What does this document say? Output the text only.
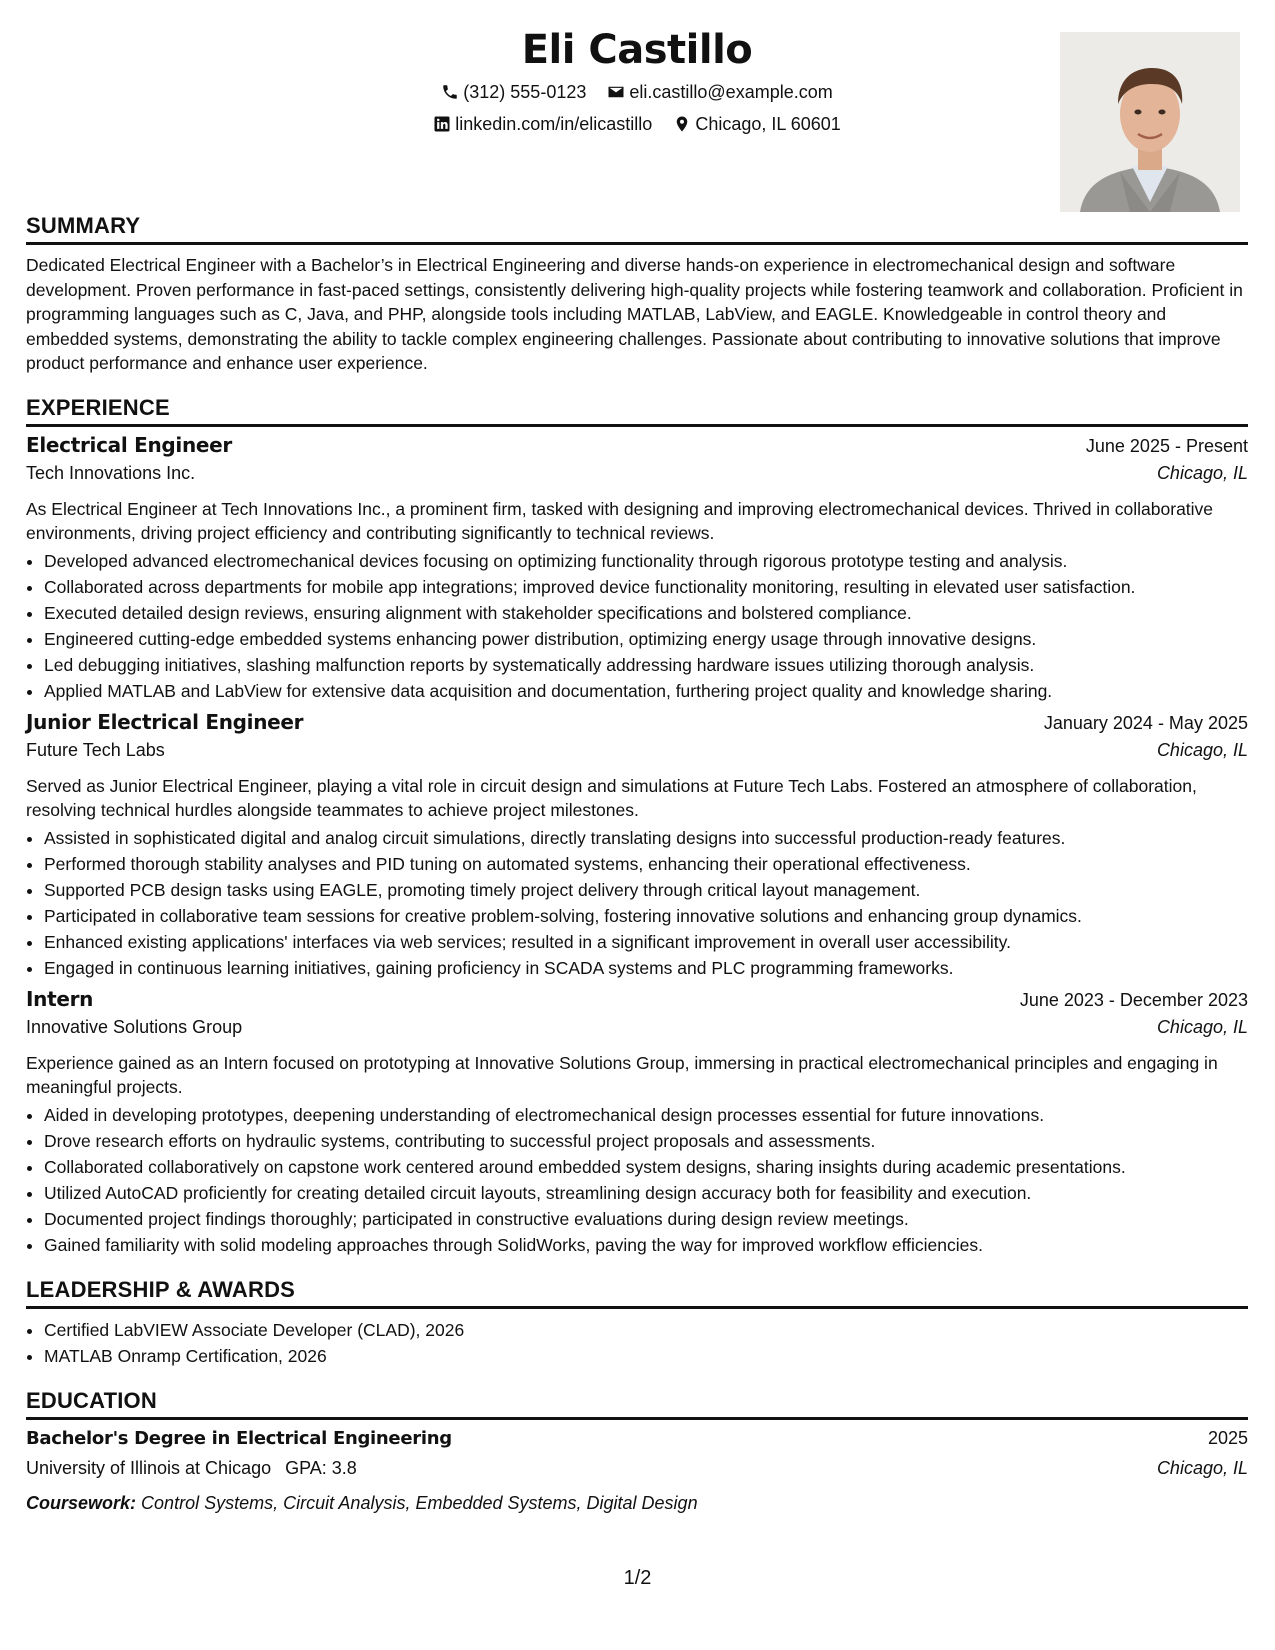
Eli Castillo
(312) 555-0123
eli.castillo@example.com
linkedin.com/in/elicastillo
Chicago, IL 60601
SUMMARY
Dedicated Electrical Engineer with a Bachelor’s in Electrical Engineering and diverse hands-on experience in electromechanical design and software development. Proven performance in fast-paced settings, consistently delivering high-quality projects while fostering teamwork and collaboration. Proficient in programming languages such as C, Java, and PHP, alongside tools including MATLAB, LabView, and EAGLE. Knowledgeable in control theory and embedded systems, demonstrating the ability to tackle complex engineering challenges. Passionate about contributing to innovative solutions that improve product performance and enhance user experience.
EXPERIENCE
Electrical Engineer	June 2025 - Present
Tech Innovations Inc.	Chicago, IL
As Electrical Engineer at Tech Innovations Inc., a prominent firm, tasked with designing and improving electromechanical devices. Thrived in collaborative environments, driving project efficiency and contributing significantly to technical reviews.
• Developed advanced electromechanical devices focusing on optimizing functionality through rigorous prototype testing and analysis.
• Collaborated across departments for mobile app integrations; improved device functionality monitoring, resulting in elevated user satisfaction.
• Executed detailed design reviews, ensuring alignment with stakeholder specifications and bolstered compliance.
• Engineered cutting-edge embedded systems enhancing power distribution, optimizing energy usage through innovative designs.
• Led debugging initiatives, slashing malfunction reports by systematically addressing hardware issues utilizing thorough analysis.
• Applied MATLAB and LabView for extensive data acquisition and documentation, furthering project quality and knowledge sharing.
Junior Electrical Engineer	January 2024 - May 2025
Future Tech Labs	Chicago, IL
Served as Junior Electrical Engineer, playing a vital role in circuit design and simulations at Future Tech Labs. Fostered an atmosphere of collaboration, resolving technical hurdles alongside teammates to achieve project milestones.
• Assisted in sophisticated digital and analog circuit simulations, directly translating designs into successful production-ready features.
• Performed thorough stability analyses and PID tuning on automated systems, enhancing their operational effectiveness.
• Supported PCB design tasks using EAGLE, promoting timely project delivery through critical layout management.
• Participated in collaborative team sessions for creative problem-solving, fostering innovative solutions and enhancing group dynamics.
• Enhanced existing applications' interfaces via web services; resulted in a significant improvement in overall user accessibility.
• Engaged in continuous learning initiatives, gaining proficiency in SCADA systems and PLC programming frameworks.
Intern	June 2023 - December 2023
Innovative Solutions Group	Chicago, IL
Experience gained as an Intern focused on prototyping at Innovative Solutions Group, immersing in practical electromechanical principles and engaging in meaningful projects.
• Aided in developing prototypes, deepening understanding of electromechanical design processes essential for future innovations.
• Drove research efforts on hydraulic systems, contributing to successful project proposals and assessments.
• Collaborated collaboratively on capstone work centered around embedded system designs, sharing insights during academic presentations.
• Utilized AutoCAD proficiently for creating detailed circuit layouts, streamlining design accuracy both for feasibility and execution.
• Documented project findings thoroughly; participated in constructive evaluations during design review meetings.
• Gained familiarity with solid modeling approaches through SolidWorks, paving the way for improved workflow efficiencies.
LEADERSHIP & AWARDS
• Certified LabVIEW Associate Developer (CLAD), 2026
• MATLAB Onramp Certification, 2026
EDUCATION
Bachelor's Degree in Electrical Engineering	2025
University of Illinois at Chicago GPA: 3.8	Chicago, IL
Coursework: Control Systems, Circuit Analysis, Embedded Systems, Digital Design
1/2
